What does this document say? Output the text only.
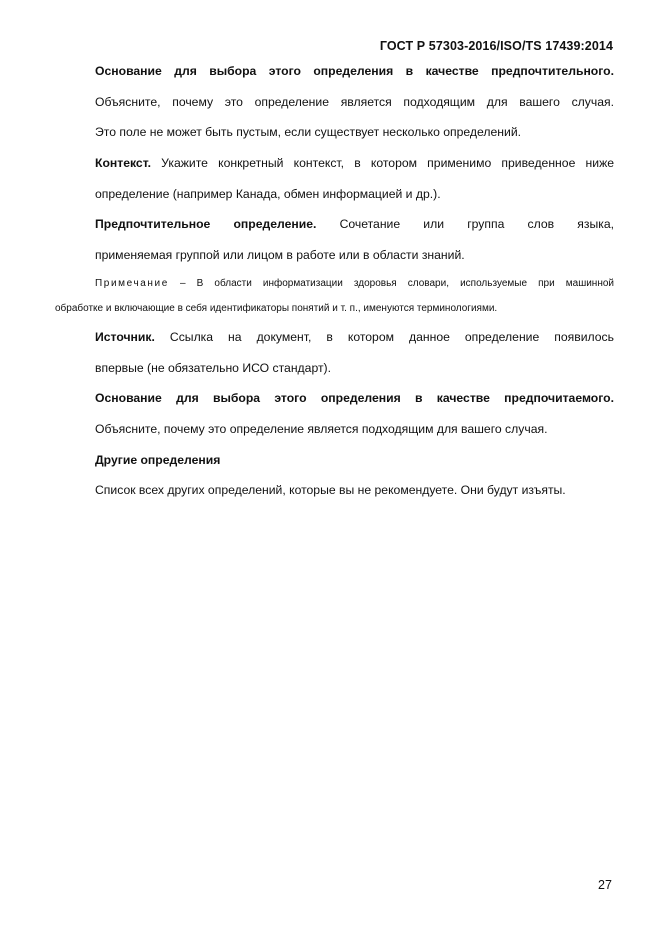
ГОСТ Р 57303-2016/ISO/TS 17439:2014
Основание для выбора этого определения в качестве предпочтительного.
Объясните, почему это определение является подходящим для вашего случая.
Это поле не может быть пустым, если существует несколько определений.
Контекст. Укажите конкретный контекст, в котором применимо приведенное ниже
определение (например Канада, обмен информацией и др.).
Предпочтительное определение. Сочетание или группа слов языка,
применяемая группой или лицом в работе или в области знаний.
Примечание – В области информатизации здоровья словари, используемые при машинной
обработке и включающие в себя идентификаторы понятий и т. п., именуются терминологиями.
Источник. Ссылка на документ, в котором данное определение появилось
впервые (не обязательно ИСО стандарт).
Основание для выбора этого определения в качестве предпочитаемого.
Объясните, почему это определение является подходящим для вашего случая.
Другие определения
Список всех других определений, которые вы не рекомендуете. Они будут изъяты.
27
